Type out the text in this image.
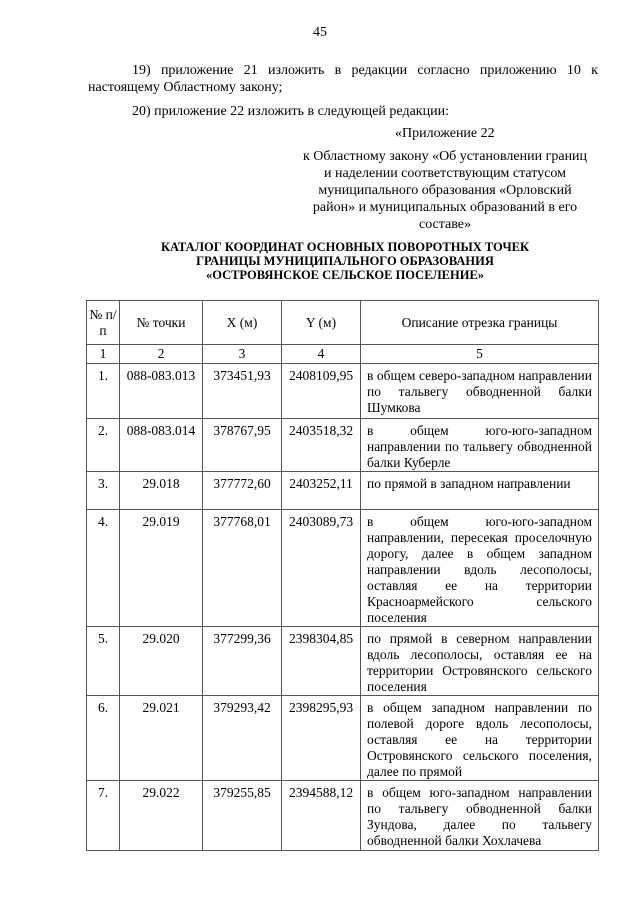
45
19) приложение 21 изложить в редакции согласно приложению 10 к настоящему Областному закону;
20) приложение 22 изложить в следующей редакции:
«Приложение 22
к Областному закону «Об установлении границ и наделении соответствующим статусом муниципального образования «Орловский район» и муниципальных образований в его составе»
КАТАЛОГ КООРДИНАТ ОСНОВНЫХ ПОВОРОТНЫХ ТОЧЕК
ГРАНИЦЫ МУНИЦИПАЛЬНОГО ОБРАЗОВАНИЯ
«ОСТРОВЯНСКОЕ СЕЛЬСКОЕ ПОСЕЛЕНИЕ»
№ п/п	№ точки	X (м)	Y (м)	Описание отрезка границы
1	2	3	4	5
1.	088-083.013	373451,93	2408109,95	в общем северо-западном направлении по тальвегу обводненной балки Шумкова
2.	088-083.014	378767,95	2403518,32	в общем юго-юго-западном направлении по тальвегу обводненной балки Куберле
3.	29.018	377772,60	2403252,11	по прямой в западном направлении
4.	29.019	377768,01	2403089,73	в общем юго-юго-западном направлении, пересекая проселочную дорогу, далее в общем западном направлении вдоль лесополосы, оставляя ее на территории Красноармейского сельского поселения
5.	29.020	377299,36	2398304,85	по прямой в северном направлении вдоль лесополосы, оставляя ее на территории Островянского сельского поселения
6.	29.021	379293,42	2398295,93	в общем западном направлении по полевой дороге вдоль лесополосы, оставляя ее на территории Островянского сельского поселения, далее по прямой
7.	29.022	379255,85	2394588,12	в общем юго-западном направлении по тальвегу обводненной балки Зундова, далее по тальвегу обводненной балки Хохлачева
